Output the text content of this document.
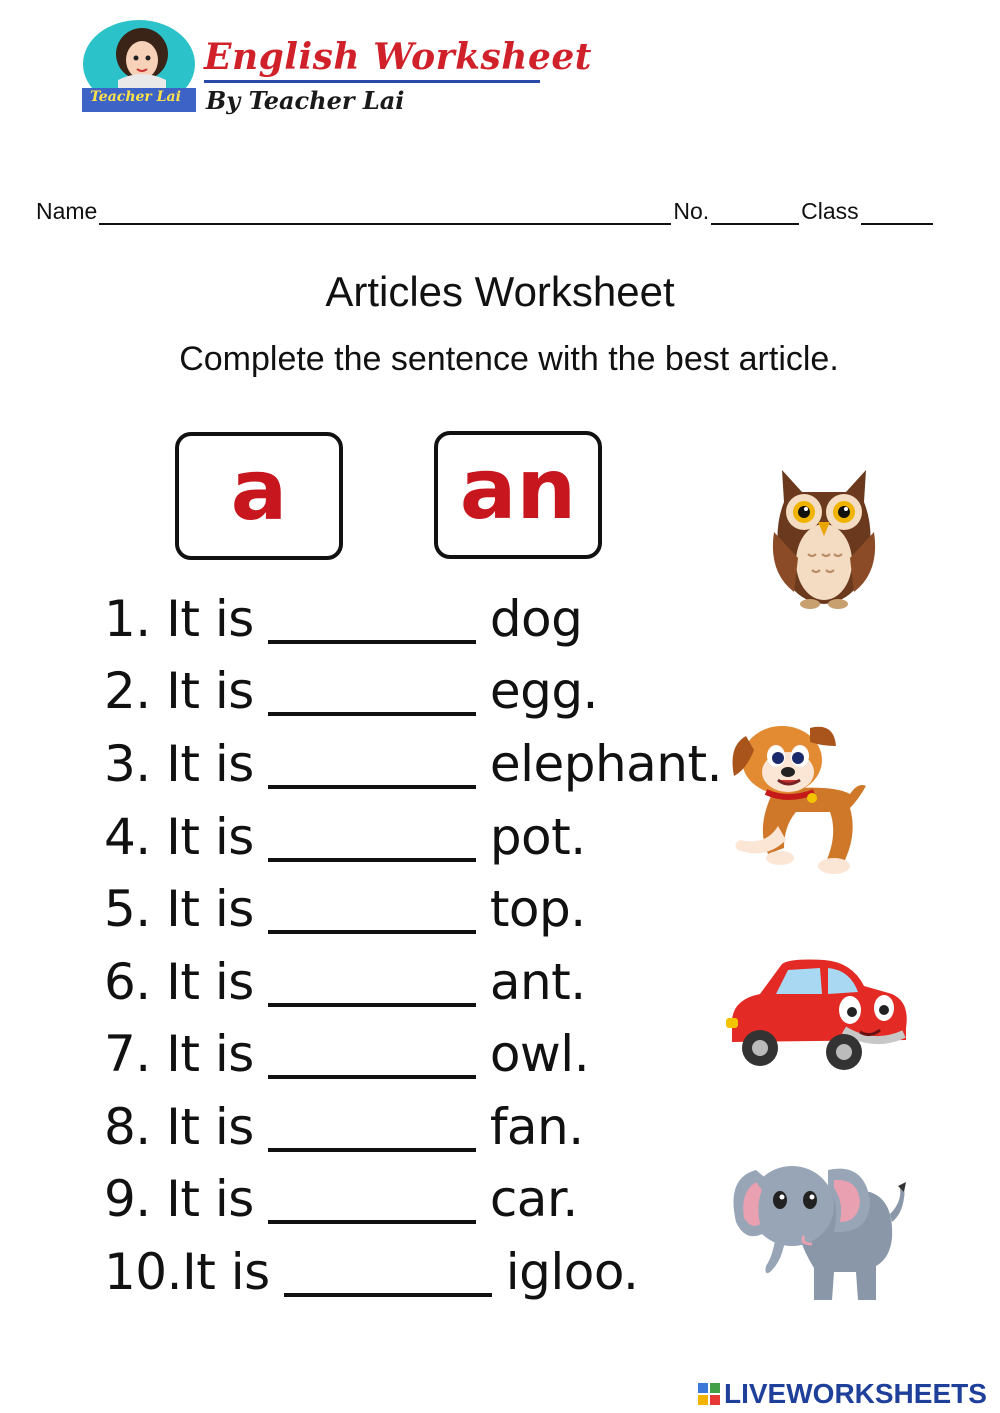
Teacher Lai
English Worksheet
By Teacher Lai
Name	No.	Class
Articles Worksheet
Complete the sentence with the best article.
a an
1.
It is	dog
2.
It is	egg.
3.
It is	elephant.
4.
It is	pot.
5.
It is	top.
6.
It is	ant.
7.
It is	owl.
8.
It is	fan.
9.
It is	car.
10. It is	igloo.
LIVEWORKSHEETS
